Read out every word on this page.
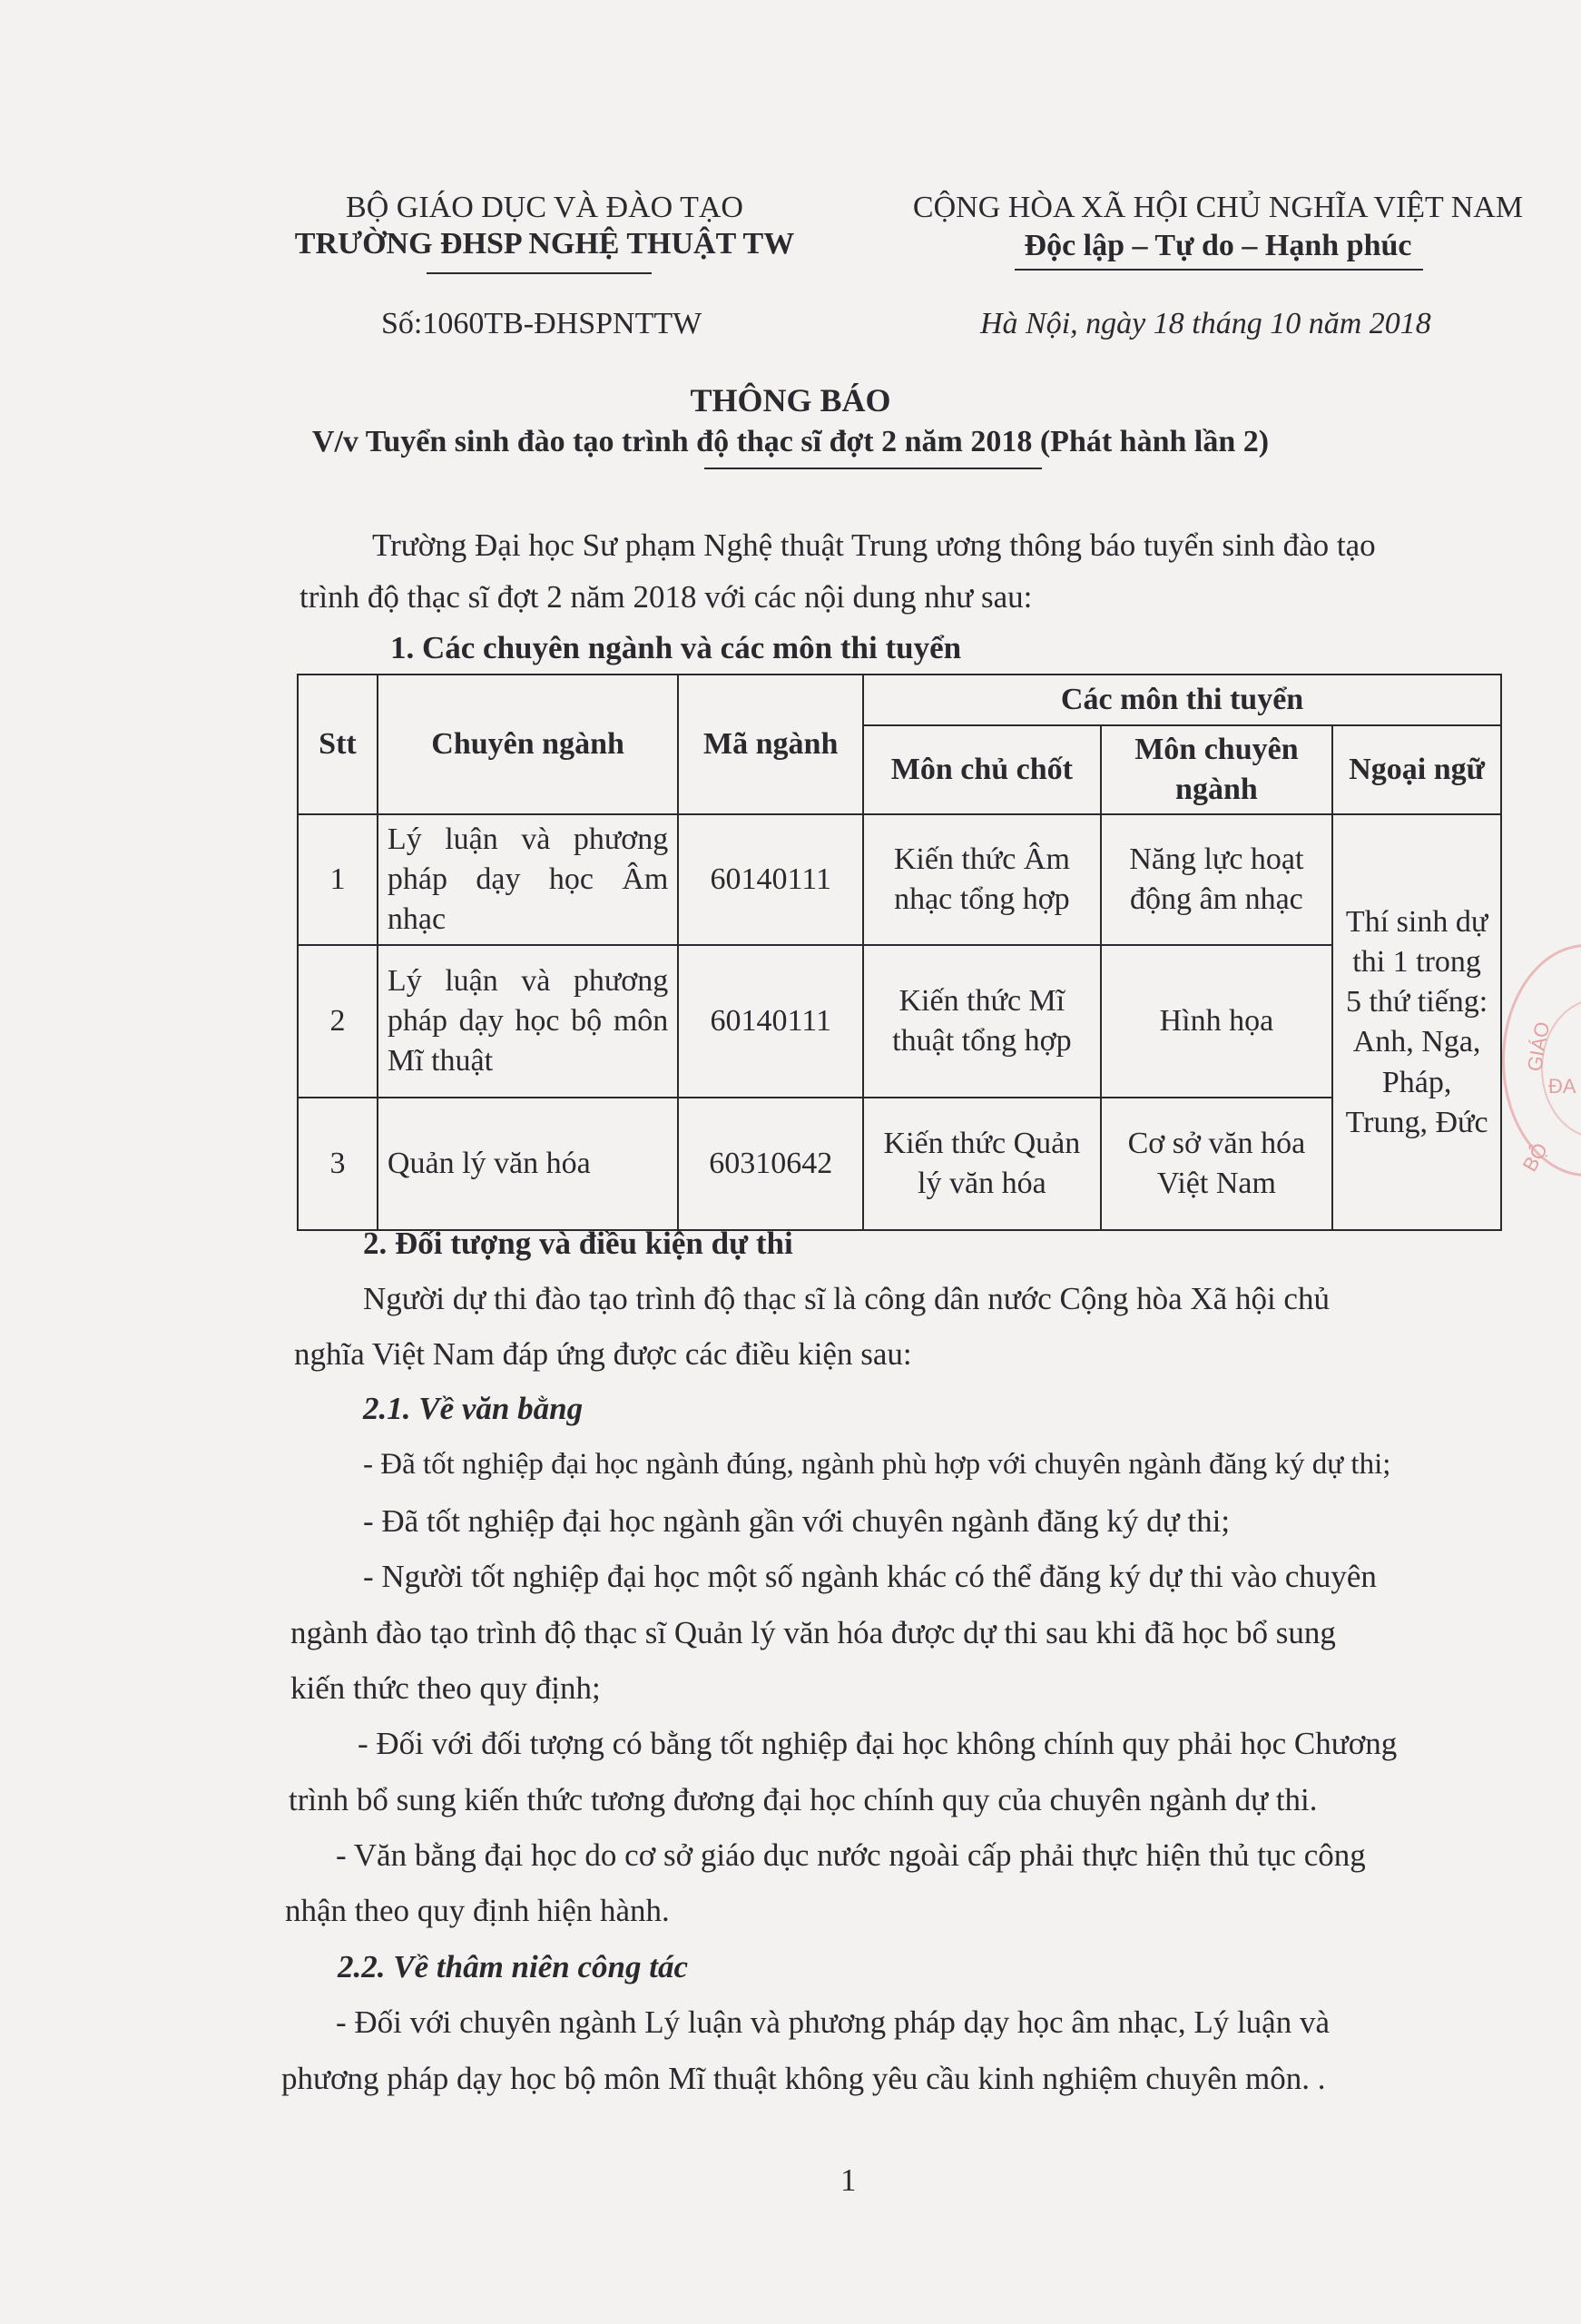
BỘ GIÁO DỤC VÀ ĐÀO TẠO
TRƯỜNG ĐHSP NGHỆ THUẬT TW
CỘNG HÒA XÃ HỘI CHỦ NGHĨA VIỆT NAM
Độc lập – Tự do – Hạnh phúc
Số:1060TB-ĐHSPNTTW	Hà Nội, ngày 18 tháng 10 năm 2018
THÔNG BÁO
V/v Tuyển sinh đào tạo trình độ thạc sĩ đợt 2 năm 2018 (Phát hành lần 2)
Trường Đại học Sư phạm Nghệ thuật Trung ương thông báo tuyển sinh đào tạo
trình độ thạc sĩ đợt 2 năm 2018 với các nội dung như sau:
1. Các chuyên ngành và các môn thi tuyển
Stt	Chuyên ngành	Mã ngành	Các môn thi tuyển		
			Môn chủ chốt	Môn chuyên ngành	Ngoại ngữ
1	Lý luận và phương pháp dạy học Âm nhạc	60140111	Kiến thức Âm nhạc tổng hợp	Năng lực hoạt động âm nhạc	Thí sinh dự thi 1 trong 5 thứ tiếng: Anh, Nga, Pháp, Trung, Đức
2	Lý luận và phương pháp dạy học bộ môn Mĩ thuật	60140111	Kiến thức Mĩ thuật tổng hợp	Hình họa	
3	Quản lý văn hóa	60310642	Kiến thức Quản lý văn hóa	Cơ sở văn hóa Việt Nam	
GIÁO
ĐA
BỘ
2. Đối tượng và điều kiện dự thi
Người dự thi đào tạo trình độ thạc sĩ là công dân nước Cộng hòa Xã hội chủ
nghĩa Việt Nam đáp ứng được các điều kiện sau:
2.1. Về văn bằng
- Đã tốt nghiệp đại học ngành đúng, ngành phù hợp với chuyên ngành đăng ký dự thi;
- Đã tốt nghiệp đại học ngành gần với chuyên ngành đăng ký dự thi;
- Người tốt nghiệp đại học một số ngành khác có thể đăng ký dự thi vào chuyên
ngành đào tạo trình độ thạc sĩ Quản lý văn hóa được dự thi sau khi đã học bổ sung
kiến thức theo quy định;
- Đối với đối tượng có bằng tốt nghiệp đại học không chính quy phải học Chương
trình bổ sung kiến thức tương đương đại học chính quy của chuyên ngành dự thi.
- Văn bằng đại học do cơ sở giáo dục nước ngoài cấp phải thực hiện thủ tục công
nhận theo quy định hiện hành.
2.2. Về thâm niên công tác
- Đối với chuyên ngành Lý luận và phương pháp dạy học âm nhạc, Lý luận và
phương pháp dạy học bộ môn Mĩ thuật không yêu cầu kinh nghiệm chuyên môn. .
1
